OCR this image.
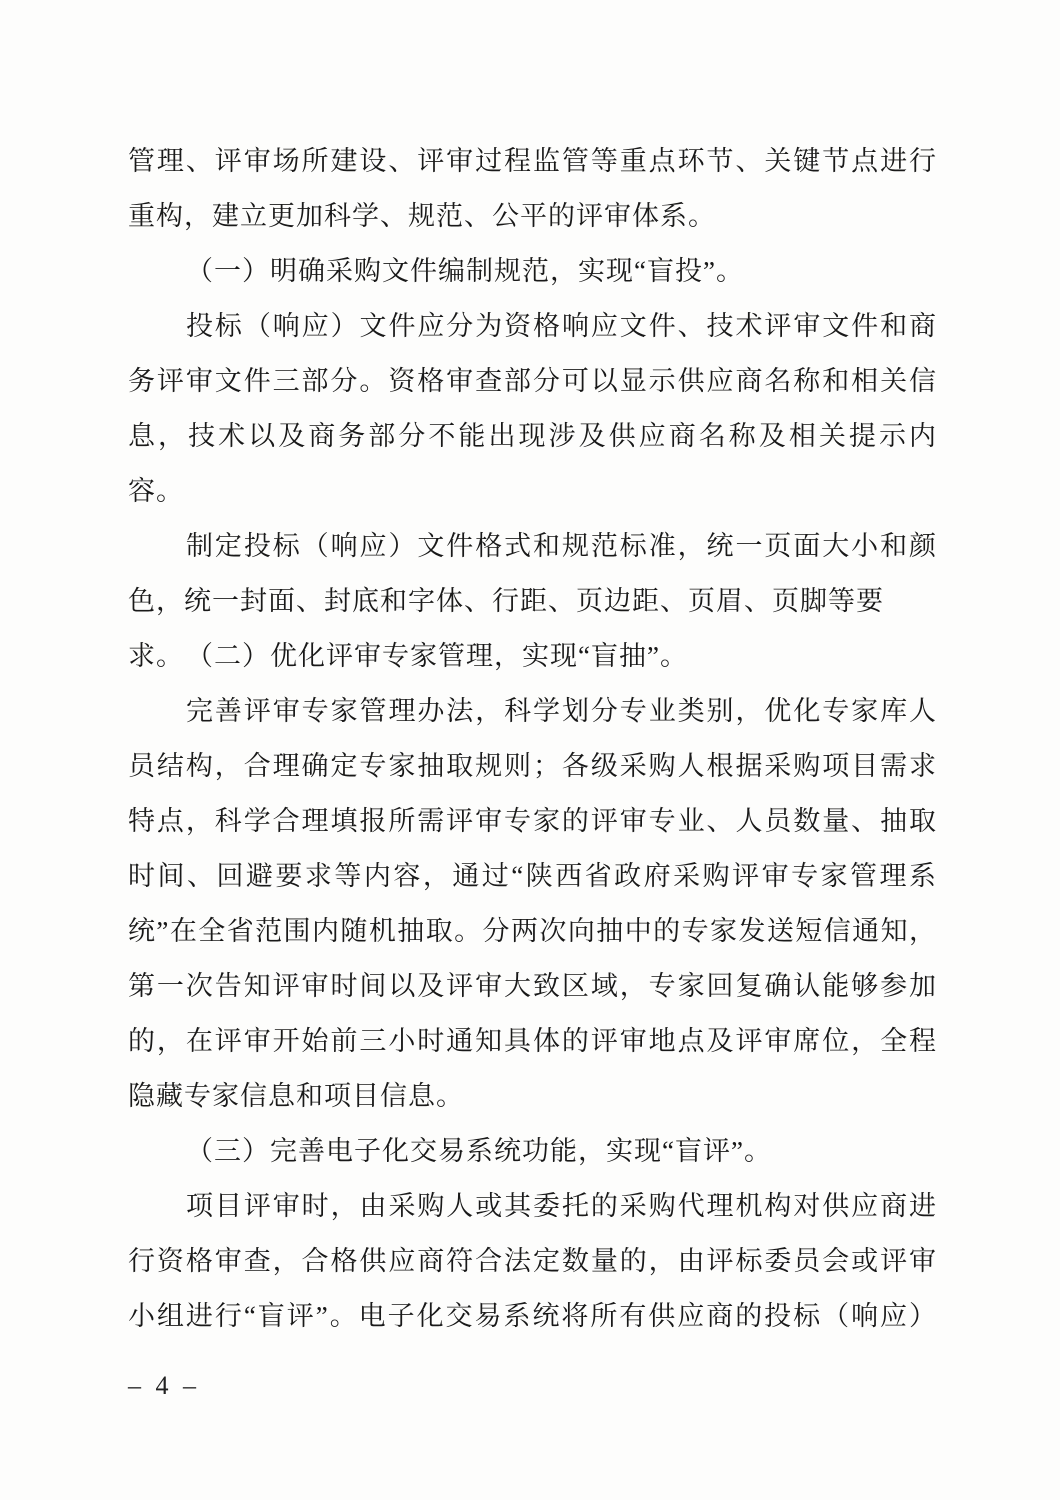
管理、评审场所建设、评审过程监管等重点环节、关键节点进行
重构，建立更加科学、规范、公平的评审体系。
（一）明确采购文件编制规范，实现“盲投”。
投标（响应）文件应分为资格响应文件、技术评审文件和商
务评审文件三部分。资格审查部分可以显示供应商名称和相关信
息，技术以及商务部分不能出现涉及供应商名称及相关提示内
容。
制定投标（响应）文件格式和规范标准，统一页面大小和颜
色，统一封面、封底和字体、行距、页边距、页眉、页脚等要求。 （二）优化评审专家管理，实现“盲抽”。
完善评审专家管理办法，科学划分专业类别，优化专家库人
员结构，合理确定专家抽取规则；各级采购人根据采购项目需求
特点，科学合理填报所需评审专家的评审专业、人员数量、抽取
时间、回避要求等内容，通过“陕西省政府采购评审专家管理系
统”在全省范围内随机抽取。分两次向抽中的专家发送短信通知，
第一次告知评审时间以及评审大致区域，专家回复确认能够参加
的，在评审开始前三小时通知具体的评审地点及评审席位，全程
隐藏专家信息和项目信息。
（三）完善电子化交易系统功能，实现“盲评”。
项目评审时，由采购人或其委托的采购代理机构对供应商进
行资格审查，合格供应商符合法定数量的，由评标委员会或评审
小组进行“盲评”。电子化交易系统将所有供应商的投标（响应）
– 4 –
